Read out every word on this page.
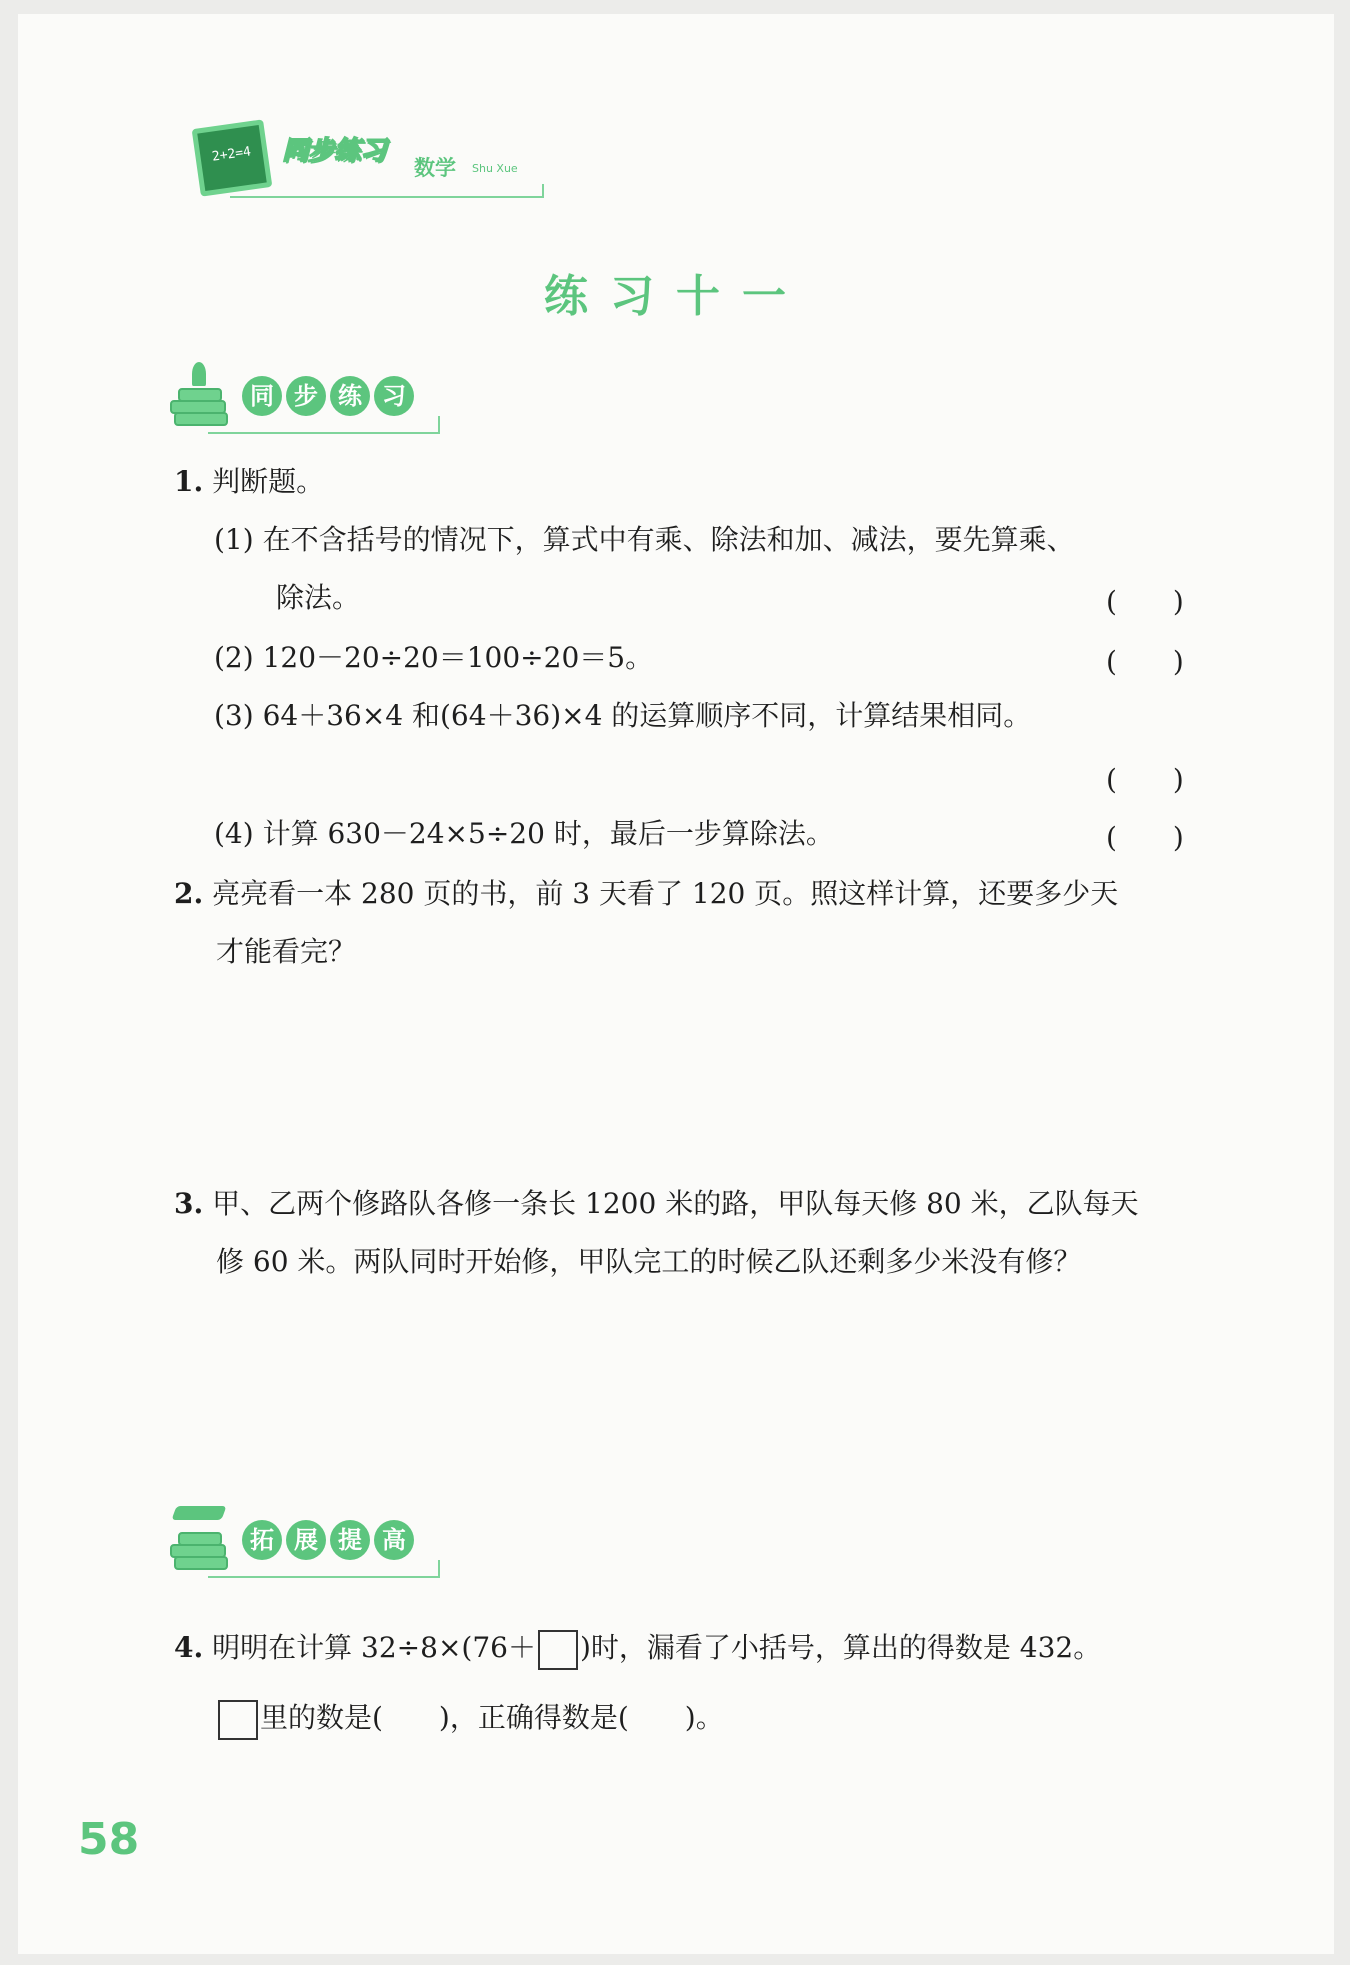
2+2=4	同步练习
数学 Shu Xue
练习十一
同 步 练 习
1. 判断题。
(1) 在不含括号的情况下，算式中有乘、除法和加、减法，要先算乘、
除法。	(　　)
(2) 120－20÷20＝100÷20＝5。	(　　)
(3) 64＋36×4 和(64＋36)×4 的运算顺序不同，计算结果相同。
(　　)
(4) 计算 630－24×5÷20 时，最后一步算除法。	(　　)
2. 亮亮看一本 280 页的书，前 3 天看了 120 页。照这样计算，还要多少天
才能看完？
3. 甲、乙两个修路队各修一条长 1200 米的路，甲队每天修 80 米，乙队每天
修 60 米。两队同时开始修，甲队完工的时候乙队还剩多少米没有修？
拓 展 提 高
4. 明明在计算 32÷8×(76＋ )时，漏看了小括号，算出的得数是 432。
里的数是(　　)，正确得数是(　　)。
58
